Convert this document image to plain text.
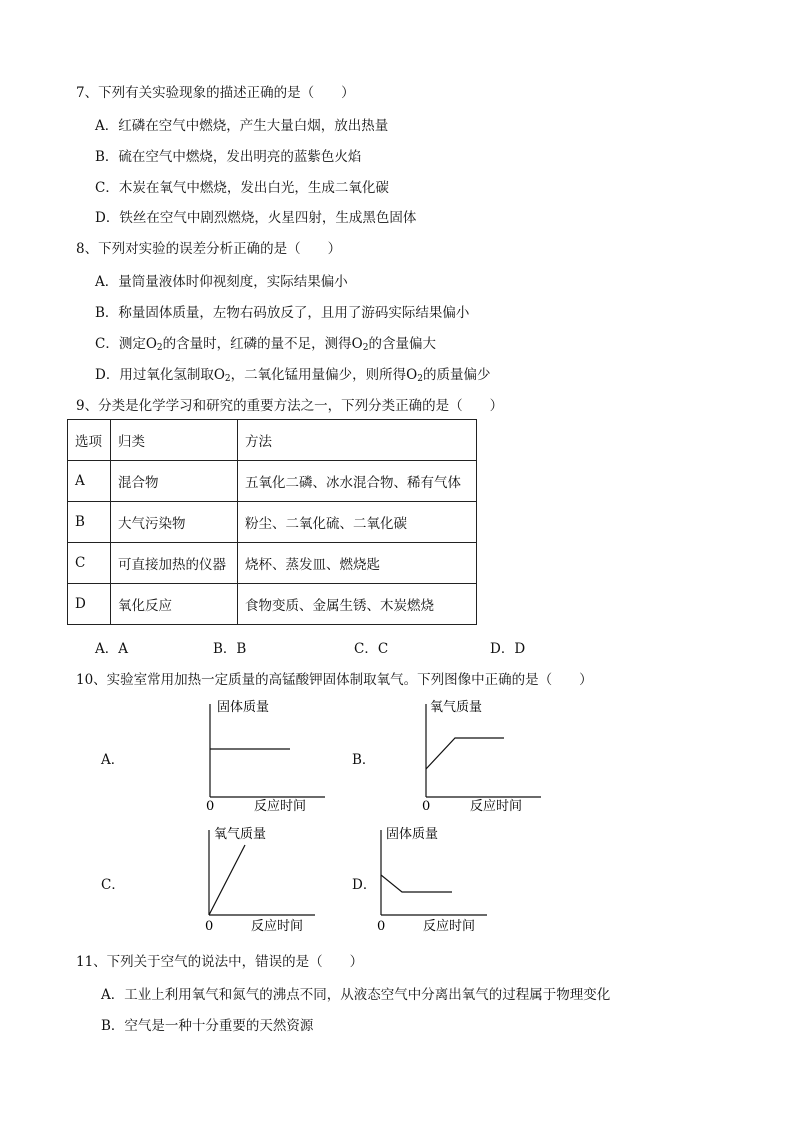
7、下列有关实验现象的描述正确的是（　　）
A．红磷在空气中燃烧，产生大量白烟，放出热量
B．硫在空气中燃烧，发出明亮的蓝紫色火焰
C．木炭在氧气中燃烧，发出白光，生成二氧化碳
D．铁丝在空气中剧烈燃烧，火星四射，生成黑色固体
8、下列对实验的误差分析正确的是（　　）
A．量筒量液体时仰视刻度，实际结果偏小
B．称量固体质量，左物右码放反了，且用了游码实际结果偏小
C．测定$O_2$的含量时，红磷的量不足，测得$O_2$的含量偏大
D．用过氧化氢制取$O_2$，二氧化锰用量偏少，则所得$O_2$的质量偏少
9、分类是化学学习和研究的重要方法之一，下列分类正确的是（　　）
选项	归类	方法
A	混合物	五氧化二磷、冰水混合物、稀有气体
B	大气污染物	粉尘、二氧化硫、二氧化碳
C	可直接加热的仪器	烧杯、蒸发皿、燃烧匙
D	氧化反应	食物变质、金属生锈、木炭燃烧
A．A	B．B	C．C	D．D
10、实验室常用加热一定质量的高锰酸钾固体制取氧气。下列图像中正确的是（　　）
A．
固体质量
0	反应时间
B．
氧气质量
0	反应时间
C．
氧气质量
0	反应时间
D．
固体质量
0	反应时间
11、下列关于空气的说法中，错误的是（　　）
A．工业上利用氧气和氮气的沸点不同，从液态空气中分离出氧气的过程属于物理变化
B．空气是一种十分重要的天然资源
